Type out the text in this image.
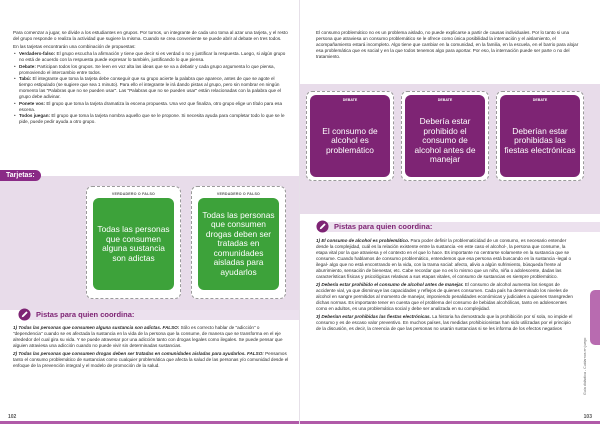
Para comenzar a jugar, se divide a los estudiantes en grupos. Por turnos, un integrante de cada uno toma al azar una tarjeta, y el resto del grupo responde o realiza la actividad que sugiere la misma. Cuando se crea conveniente se puede abrir al debate en tres todos.

En las tarjetas encontrarán una combinación de propuestas:

• Verdadero-falso: El grupo escucha la afirmación y tiene que decir si es verdad o no y justificar la respuesta. Luego, si algún grupo no está de acuerdo con la respuesta puede expresar lo también, justificando lo que piensa.
• Debate: Participan todos los grupos. Se leen en voz alta las ideas que se va a debatir y cada grupo argumenta lo que piensa, promoviendo el intercambio entre todos.
• Tabú: El integrante que toma la tarjeta debe conseguir que su grupo acierte la palabra que aparece, antes de que se agote el tiempo estipulado (se sugiere que sea 1 minuto). Para ello el integrante le irá dando pistas al grupo, pero sin nombrar en ningún momento las "Palabras que no se pueden usar". Las "Palabras que no se pueden usar" están relacionadas con la palabra que el grupo debe adivinar.
• Ponete vos: El grupo que toma la tarjeta dramatiza la escena propuesta. Una vez que finaliza, otro grupo elige un título para esa escena.
• Todos juegan: El grupo que toma la tarjeta nombra aquello que se le propone. Si necesita ayuda para completar todo lo que se le pide, puede pedir ayuda a otro grupo.
Tarjetas:
VERDADERO O FALSO
Todas las personas que consumen alguna sustancia son adictas
VERDADERO O FALSO
Todas las personas que consumen drogas deben ser tratadas en comunidades aisladas para ayudarlos
Pistas para quien coordina:

1) Todas las personas que consumen alguna sustancia son adictas. FALSO: Sólo es correcto hablar de "adicción" o "dependencia" cuando se es afectada la sustancia en la vida de la persona que la consume, de manera que se transforma en el eje alrededor del cual gira su vida. Y se puede atravesar por una adicción tanto con drogas legales como ilegales. Se puede pensar que alguien atraviesa una adicción cuando no puede vivir sin determinadas sustancias.

2) Todas las personas que consumen drogas deben ser tratadas en comunidades aisladas para ayudarlos. FALSO: Pensamos tanto el consumo problemático de sustancias como cualquier problemática que afecta la salud de las personas y/o comunidad desde el enfoque de la prevención integral y el modelo de promoción de la salud.

102

El consumo problemático no es un problema aislado, no puede explicarse a partir de causas individuales. Por lo tanto si una persona que atraviesa un consumo problemático se le ofrece como única posibilidad la internación y el aislamiento, el acompañamiento estará incompleto. Algo tiene que cambiar en la comunidad, en la familia, en la escuela, en el barrio para alojar esa problemática que es social y en la que todos tenemos algo para aportar. Por eso, la internación puede ser parte o no del tratamiento.

El consumo de alcohol es problemático
DEBATE
Debería estar prohibido el consumo de alcohol antes de manejar
DEBATE
Deberían estar prohibidas las fiestas electrónicas
DEBATE
Pistas para quien coordina:

1) El consumo de alcohol es problemático. Para poder definir la problematicidad de un consumo, es necesario entender desde la complejidad, cuál es la relación existente entre la sustancia -en este caso el alcohol-, la persona que consume, la etapa vital por la que atraviesa y el contexto en el que lo hace. Es importante no centrarse solamente en la sustancia que se consume. Cuando hablamos de consumo problemático, entendemos que esa persona está buscando en la sustancia -legal o ilegal- algo que no está encontrando en la vida, con la trama social: afecto, alivio a algún sufrimiento, búsqueda frente al aburrimiento, sensación de bienestar, etc. Cabe recordar que no es lo mismo que un niño, niña o adolescente, dadas las características físicas y psicológicas relativas a sus etapas vitales, el consumo de sustancias es siempre problemático.

2) Debería estar prohibido el consumo de alcohol antes de manejar. El consumo de alcohol aumenta los riesgos de accidente vial, ya que disminuye las capacidades y reflejos de quienes consumen. Cada país ha determinado los niveles de alcohol en sangre permitidos al momento de manejar, imponiendo penalidades económicas y judiciales a quienes transgreden dichas normas. Es importante tener en cuenta que el problema del consumo de bebidas alcohólicas, tanto en adolescentes como en adultos, es una problemática social y debe ser analizada en su complejidad.

3) Deberían estar prohibidas las fiestas electrónicas. La historia ha demostrado que la prohibición por sí sola, no impide el consumo y es de escaso valor preventivo. En muchos países, las medidas prohibicionistas han sido utilizadas por el principio de la discusión, es decir, la creencia de que las personas no usarán sustancias si se les informa de los efectos negativos

Guía didáctica - Cuidarnos en juego
103
